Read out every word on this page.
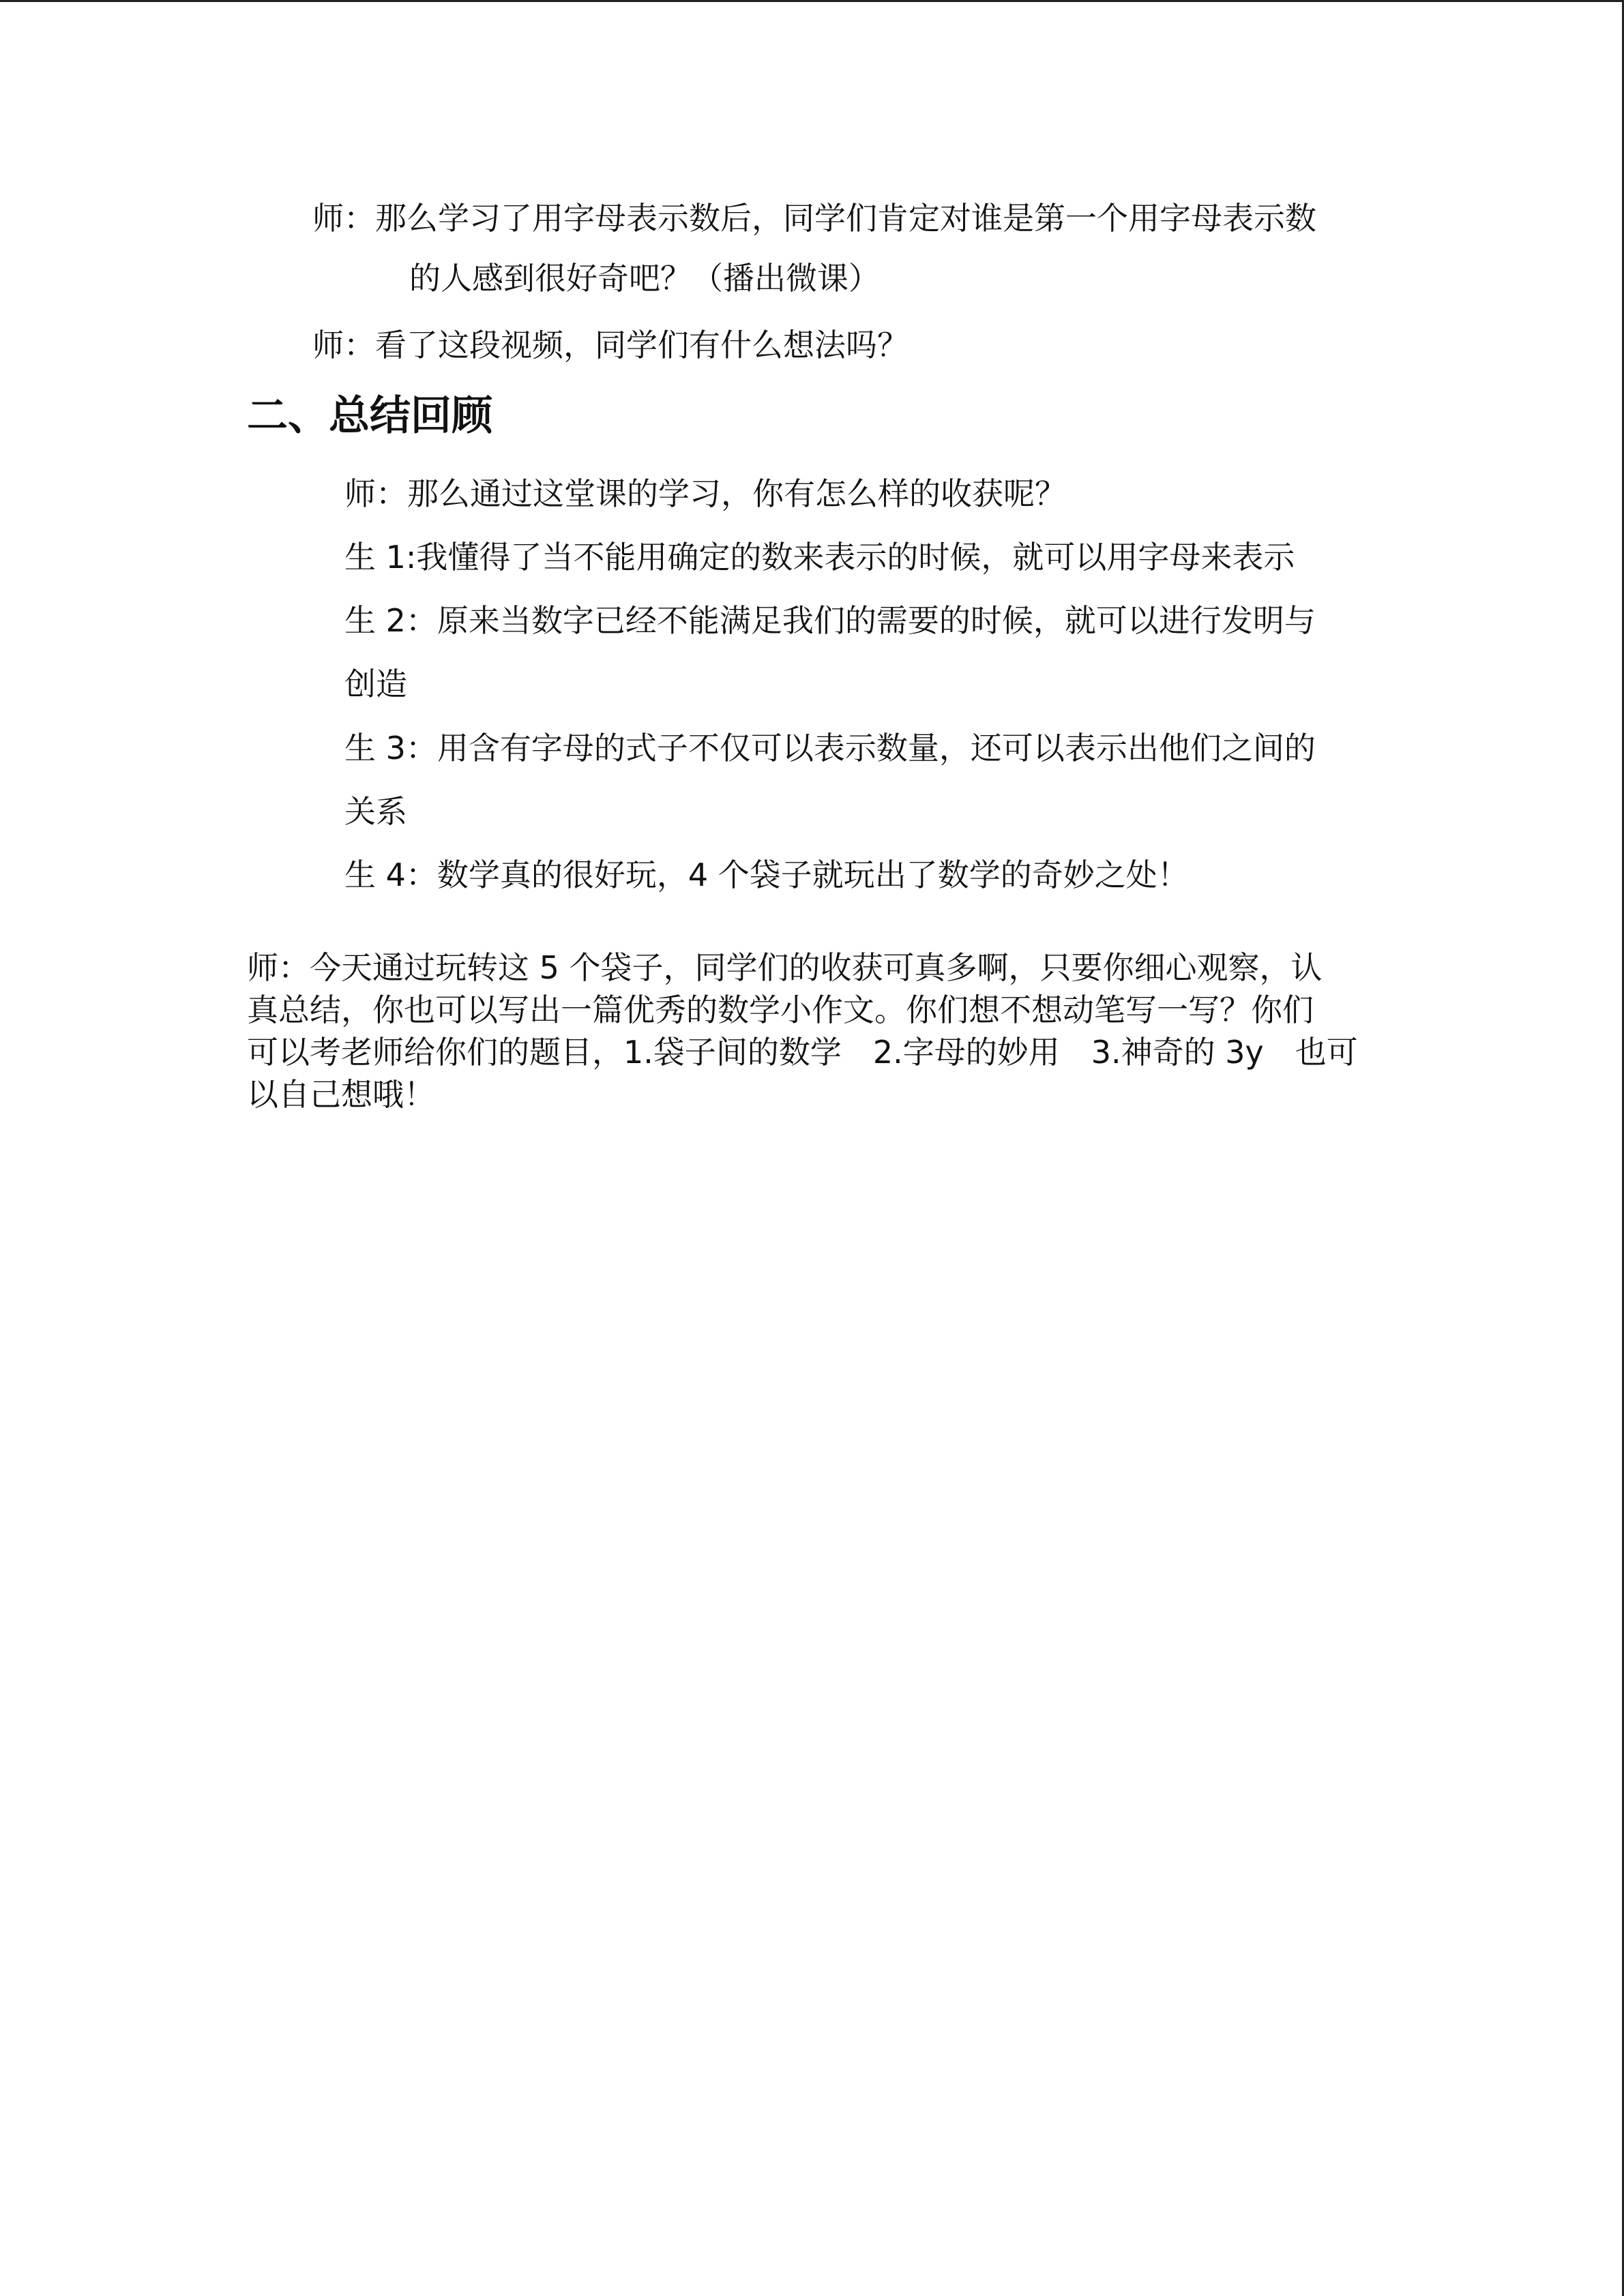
师：那么学习了用字母表示数后，同学们肯定对谁是第一个用字母表示数
的人感到很好奇吧？（播出微课）
师：看了这段视频，同学们有什么想法吗？
二、总结回顾
师：那么通过这堂课的学习，你有怎么样的收获呢？
生 1:我懂得了当不能用确定的数来表示的时候，就可以用字母来表示
生 2：原来当数字已经不能满足我们的需要的时候，就可以进行发明与
创造
生 3：用含有字母的式子不仅可以表示数量，还可以表示出他们之间的
关系
生 4：数学真的很好玩，4 个袋子就玩出了数学的奇妙之处！
师：今天通过玩转这 5 个袋子，同学们的收获可真多啊，只要你细心观察，认
真总结，你也可以写出一篇优秀的数学小作文。你们想不想动笔写一写？你们
可以考老师给你们的题目，1.袋子间的数学　2.字母的妙用　3.神奇的 3y　也可
以自己想哦！
